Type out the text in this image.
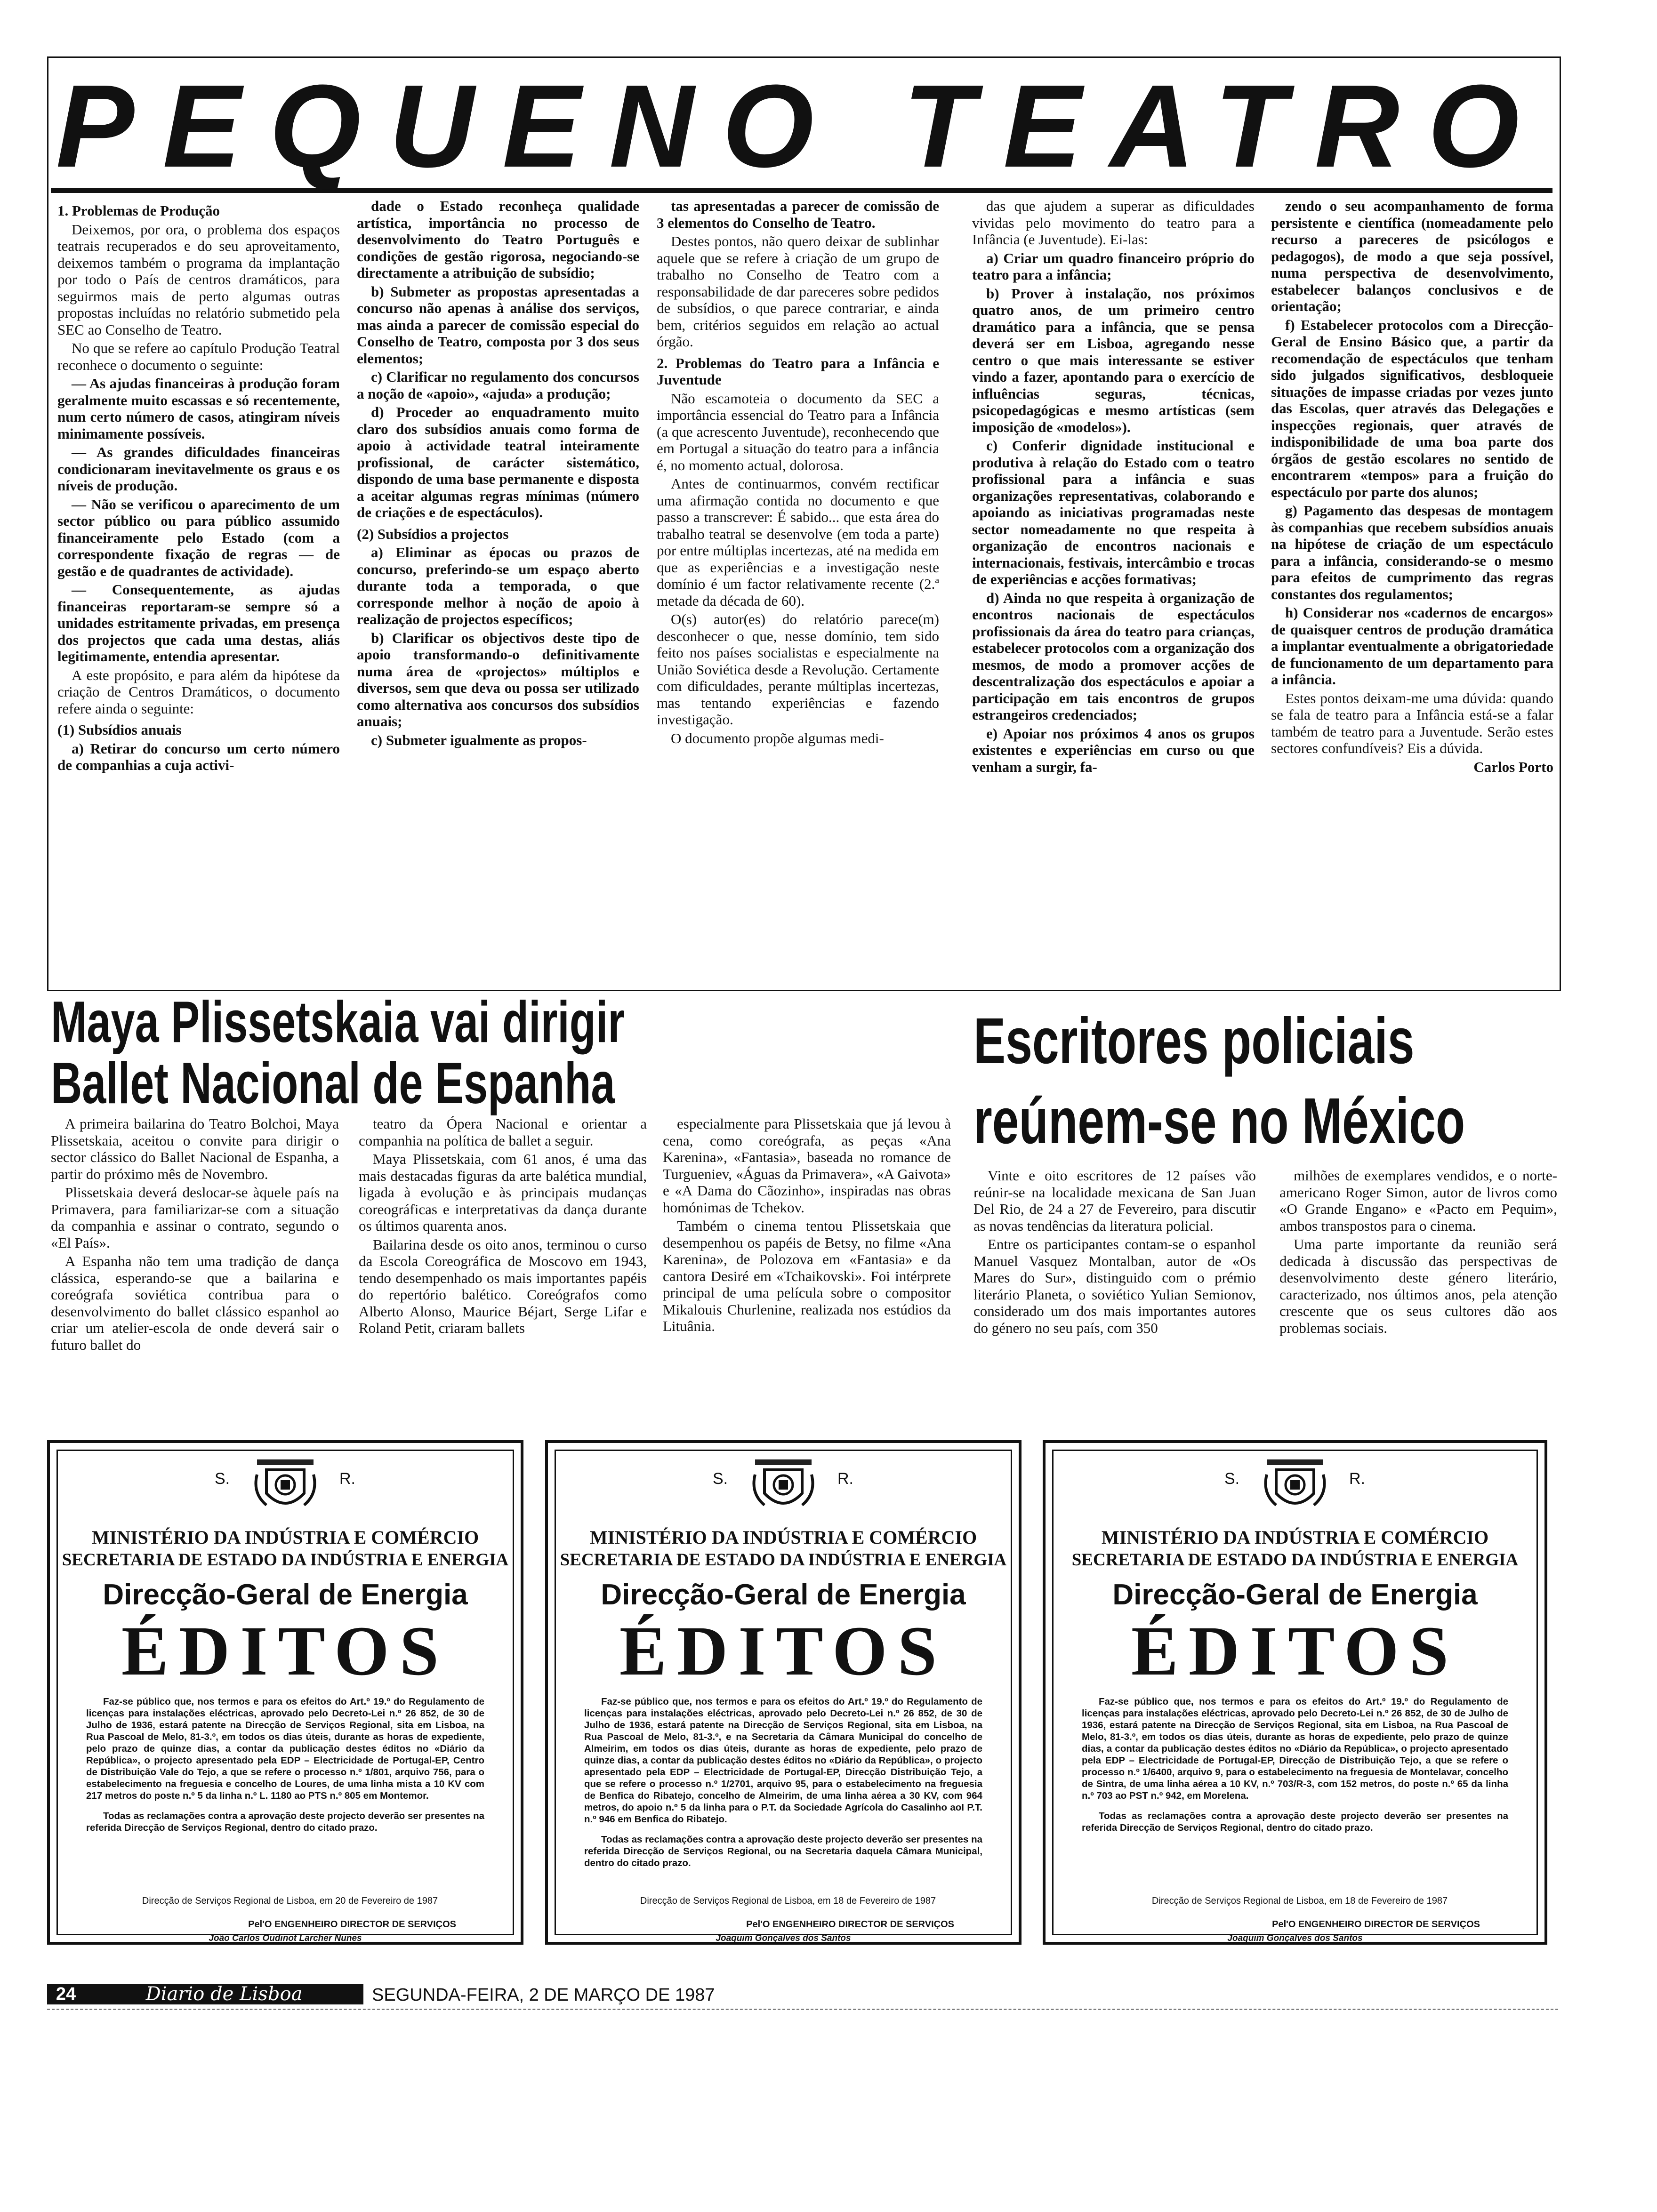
PEQUENO TEATRO

1. Problemas de Produção

Deixemos, por ora, o problema dos espaços teatrais recuperados e do seu aproveitamento, deixemos também o programa da implantação por todo o País de centros dramáticos, para seguirmos mais de perto algumas outras propostas incluídas no relatório submetido pela SEC ao Conselho de Teatro.

No que se refere ao capítulo Produção Teatral reconhece o documento o seguinte:

— As ajudas financeiras à produção foram geralmente muito escassas e só recentemente, num certo número de casos, atingiram níveis minimamente possíveis.

— As grandes dificuldades financeiras condicionaram inevitavelmente os graus e os níveis de produção.

— Não se verificou o aparecimento de um sector público ou para público assumido financeiramente pelo Estado (com a correspondente fixação de regras — de gestão e de quadrantes de actividade).

— Consequentemente, as ajudas financeiras reportaram-se sempre só a unidades estritamente privadas, em presença dos projectos que cada uma destas, aliás legitimamente, entendia apresentar.

A este propósito, e para além da hipótese da criação de Centros Dramáticos, o documento refere ainda o seguinte:

(1) Subsídios anuais

a) Retirar do concurso um certo número de companhias a cuja activi-

dade o Estado reconheça qualidade artística, importância no processo de desenvolvimento do Teatro Português e condições de gestão rigorosa, negociando-se directamente a atribuição de subsídio;

b) Submeter as propostas apresentadas a concurso não apenas à análise dos serviços, mas ainda a parecer de comissão especial do Conselho de Teatro, composta por 3 dos seus elementos;

c) Clarificar no regulamento dos concursos a noção de «apoio», «ajuda» a produção;

d) Proceder ao enquadramento muito claro dos subsídios anuais como forma de apoio à actividade teatral inteiramente profissional, de carácter sistemático, dispondo de uma base permanente e disposta a aceitar algumas regras mínimas (número de criações e de espectáculos).

(2) Subsídios a projectos

a) Eliminar as épocas ou prazos de concurso, preferindo-se um espaço aberto durante toda a temporada, o que corresponde melhor à noção de apoio à realização de projectos específicos;

b) Clarificar os objectivos deste tipo de apoio transformando-o definitivamente numa área de «projectos» múltiplos e diversos, sem que deva ou possa ser utilizado como alternativa aos concursos dos subsídios anuais;

c) Submeter igualmente as propos-

tas apresentadas a parecer de comissão de 3 elementos do Conselho de Teatro.

Destes pontos, não quero deixar de sublinhar aquele que se refere à criação de um grupo de trabalho no Conselho de Teatro com a responsabilidade de dar pareceres sobre pedidos de subsídios, o que parece contrariar, e ainda bem, critérios seguidos em relação ao actual órgão.

2. Problemas do Teatro para a Infância e Juventude

Não escamoteia o documento da SEC a importância essencial do Teatro para a Infância (a que acrescento Juventude), reconhecendo que em Portugal a situação do teatro para a infância é, no momento actual, dolorosa.

Antes de continuarmos, convém rectificar uma afirmação contida no documento e que passo a transcrever: É sabido... que esta área do trabalho teatral se desenvolve (em toda a parte) por entre múltiplas incertezas, até na medida em que as experiências e a investigação neste domínio é um factor relativamente recente (2.ª metade da década de 60).

O(s) autor(es) do relatório parece(m) desconhecer o que, nesse domínio, tem sido feito nos países socialistas e especialmente na União Soviética desde a Revolução. Certamente com dificuldades, perante múltiplas incertezas, mas tentando experiências e fazendo investigação.

O documento propõe algumas medi-

das que ajudem a superar as dificuldades vividas pelo movimento do teatro para a Infância (e Juventude). Ei-las:

a) Criar um quadro financeiro próprio do teatro para a infância;

b) Prover à instalação, nos próximos quatro anos, de um primeiro centro dramático para a infância, que se pensa deverá ser em Lisboa, agregando nesse centro o que mais interessante se estiver vindo a fazer, apontando para o exercício de influências seguras, técnicas, psicopedagógicas e mesmo artísticas (sem imposição de «modelos»).

c) Conferir dignidade institucional e produtiva à relação do Estado com o teatro profissional para a infância e suas organizações representativas, colaborando e apoiando as iniciativas programadas neste sector nomeadamente no que respeita à organização de encontros nacionais e internacionais, festivais, intercâmbio e trocas de experiências e acções formativas;

d) Ainda no que respeita à organização de encontros nacionais de espectáculos profissionais da área do teatro para crianças, estabelecer protocolos com a organização dos mesmos, de modo a promover acções de descentralização dos espectáculos e apoiar a participação em tais encontros de grupos estrangeiros credenciados;

e) Apoiar nos próximos 4 anos os grupos existentes e experiências em curso ou que venham a surgir, fa-

zendo o seu acompanhamento de forma persistente e científica (nomeadamente pelo recurso a pareceres de psicólogos e pedagogos), de modo a que seja possível, numa perspectiva de desenvolvimento, estabelecer balanços conclusivos e de orientação;

f) Estabelecer protocolos com a Direcção-Geral de Ensino Básico que, a partir da recomendação de espectáculos que tenham sido julgados significativos, desbloqueie situações de impasse criadas por vezes junto das Escolas, quer através das Delegações e inspecções regionais, quer através de indisponibilidade de uma boa parte dos órgãos de gestão escolares no sentido de encontrarem «tempos» para a fruição do espectáculo por parte dos alunos;

g) Pagamento das despesas de montagem às companhias que recebem subsídios anuais na hipótese de criação de um espectáculo para a infância, considerando-se o mesmo para efeitos de cumprimento das regras constantes dos regulamentos;

h) Considerar nos «cadernos de encargos» de quaisquer centros de produção dramática a implantar eventualmente a obrigatoriedade de funcionamento de um departamento para a infância.

Estes pontos deixam-me uma dúvida: quando se fala de teatro para a Infância está-se a falar também de teatro para a Juventude. Serão estes sectores confundíveis? Eis a dúvida.

Carlos Porto

Maya Plissetskaia vai dirigir
Ballet Nacional de Espanha

A primeira bailarina do Teatro Bolchoi, Maya Plissetskaia, aceitou o convite para dirigir o sector clássico do Ballet Nacional de Espanha, a partir do próximo mês de Novembro.

Plissetskaia deverá deslocar-se àquele país na Primavera, para familiarizar-se com a situação da companhia e assinar o contrato, segundo o «El País».

A Espanha não tem uma tradição de dança clássica, esperando-se que a bailarina e coreógrafa soviética contribua para o desenvolvimento do ballet clássico espanhol ao criar um atelier-escola de onde deverá sair o futuro ballet do

teatro da Ópera Nacional e orientar a companhia na política de ballet a seguir.

Maya Plissetskaia, com 61 anos, é uma das mais destacadas figuras da arte balética mundial, ligada à evolução e às principais mudanças coreográficas e interpretativas da dança durante os últimos quarenta anos.

Bailarina desde os oito anos, terminou o curso da Escola Coreográfica de Moscovo em 1943, tendo desempenhado os mais importantes papéis do repertório balético. Coreógrafos como Alberto Alonso, Maurice Béjart, Serge Lifar e Roland Petit, criaram ballets

especialmente para Plissetskaia que já levou à cena, como coreógrafa, as peças «Ana Karenina», «Fantasia», baseada no romance de Turgueniev, «Águas da Primavera», «A Gaivota» e «A Dama do Cãozinho», inspiradas nas obras homónimas de Tchekov.

Também o cinema tentou Plissetskaia que desempenhou os papéis de Betsy, no filme «Ana Karenina», de Polozova em «Fantasia» e da cantora Desiré em «Tchaikovski». Foi intérprete principal de uma película sobre o compositor Mikalouis Churlenine, realizada nos estúdios da Lituânia.

Escritores policiais
reúnem-se no México

Vinte e oito escritores de 12 países vão reúnir-se na localidade mexicana de San Juan Del Rio, de 24 a 27 de Fevereiro, para discutir as novas tendências da literatura policial.

Entre os participantes contam-se o espanhol Manuel Vasquez Montalban, autor de «Os Mares do Sur», distinguido com o prémio literário Planeta, o soviético Yulian Semionov, considerado um dos mais importantes autores do género no seu país, com 350

milhões de exemplares vendidos, e o norte-americano Roger Simon, autor de livros como «O Grande Engano» e «Pacto em Pequim», ambos transpostos para o cinema.

Uma parte importante da reunião será dedicada à discussão das perspectivas de desenvolvimento deste género literário, caracterizado, nos últimos anos, pela atenção crescente que os seus cultores dão aos problemas sociais.

S.	R.
MINISTÉRIO DA INDÚSTRIA E COMÉRCIO
SECRETARIA DE ESTADO DA INDÚSTRIA E ENERGIA
Direcção-Geral de Energia
ÉDITOS

Faz-se público que, nos termos e para os efeitos do Art.º 19.º do Regulamento de licenças para instalações eléctricas, aprovado pelo Decreto-Lei n.º 26 852, de 30 de Julho de 1936, estará patente na Direcção de Serviços Regional, sita em Lisboa, na Rua Pascoal de Melo, 81-3.º, em todos os dias úteis, durante as horas de expediente, pelo prazo de quinze dias, a contar da publicação destes éditos no «Diário da República», o projecto apresentado pela EDP – Electricidade de Portugal-EP, Centro de Distribuição Vale do Tejo, a que se refere o processo n.º 1/801, arquivo 756, para o estabelecimento na freguesia e concelho de Loures, de uma linha mista a 10 KV com 217 metros do poste n.º 5 da linha n.º L. 1180 ao PTS n.º 805 em Montemor.

Todas as reclamações contra a aprovação deste projecto deverão ser presentes na referida Direcção de Serviços Regional, dentro do citado prazo.

Direcção de Serviços Regional de Lisboa, em 20 de Fevereiro de 1987
Pel'O ENGENHEIRO DIRECTOR DE SERVIÇOS
João Carlos Oudinot Larcher Nunes
S.	R.
MINISTÉRIO DA INDÚSTRIA E COMÉRCIO
SECRETARIA DE ESTADO DA INDÚSTRIA E ENERGIA
Direcção-Geral de Energia
ÉDITOS

Faz-se público que, nos termos e para os efeitos do Art.º 19.º do Regulamento de licenças para instalações eléctricas, aprovado pelo Decreto-Lei n.º 26 852, de 30 de Julho de 1936, estará patente na Direcção de Serviços Regional, sita em Lisboa, na Rua Pascoal de Melo, 81-3.º, e na Secretaria da Câmara Municipal do concelho de Almeirim, em todos os dias úteis, durante as horas de expediente, pelo prazo de quinze dias, a contar da publicação destes éditos no «Diário da República», o projecto apresentado pela EDP – Electricidade de Portugal-EP, Direcção Distribuição Tejo, a que se refere o processo n.º 1/2701, arquivo 95, para o estabelecimento na freguesia de Benfica do Ribatejo, concelho de Almeirim, de uma linha aérea a 30 KV, com 964 metros, do apoio n.º 5 da linha para o P.T. da Sociedade Agrícola do Casalinho aoI P.T. n.º 946 em Benfica do Ribatejo.

Todas as reclamações contra a aprovação deste projecto deverão ser presentes na referida Direcção de Serviços Regional, ou na Secretaria daquela Câmara Municipal, dentro do citado prazo.

Direcção de Serviços Regional de Lisboa, em 18 de Fevereiro de 1987
Pel'O ENGENHEIRO DIRECTOR DE SERVIÇOS
Joaquim Gonçalves dos Santos
S.	R.
MINISTÉRIO DA INDÚSTRIA E COMÉRCIO
SECRETARIA DE ESTADO DA INDÚSTRIA E ENERGIA
Direcção-Geral de Energia
ÉDITOS

Faz-se público que, nos termos e para os efeitos do Art.º 19.º do Regulamento de licenças para instalações eléctricas, aprovado pelo Decreto-Lei n.º 26 852, de 30 de Julho de 1936, estará patente na Direcção de Serviços Regional, sita em Lisboa, na Rua Pascoal de Melo, 81-3.º, em todos os dias úteis, durante as horas de expediente, pelo prazo de quinze dias, a contar da publicação destes éditos no «Diário da República», o projecto apresentado pela EDP – Electricidade de Portugal-EP, Direcção de Distribuição Tejo, a que se refere o processo n.º 1/6400, arquivo 9, para o estabelecimento na freguesia de Montelavar, concelho de Sintra, de uma linha aérea a 10 KV, n.º 703/R-3, com 152 metros, do poste n.º 65 da linha n.º 703 ao PST n.º 942, em Morelena.

Todas as reclamações contra a aprovação deste projecto deverão ser presentes na referida Direcção de Serviços Regional, dentro do citado prazo.

Direcção de Serviços Regional de Lisboa, em 18 de Fevereiro de 1987
Pel'O ENGENHEIRO DIRECTOR DE SERVIÇOS
Joaquim Gonçalves dos Santos
24	Diario de Lisboa	SEGUNDA-FEIRA, 2 DE MARÇO DE 1987
